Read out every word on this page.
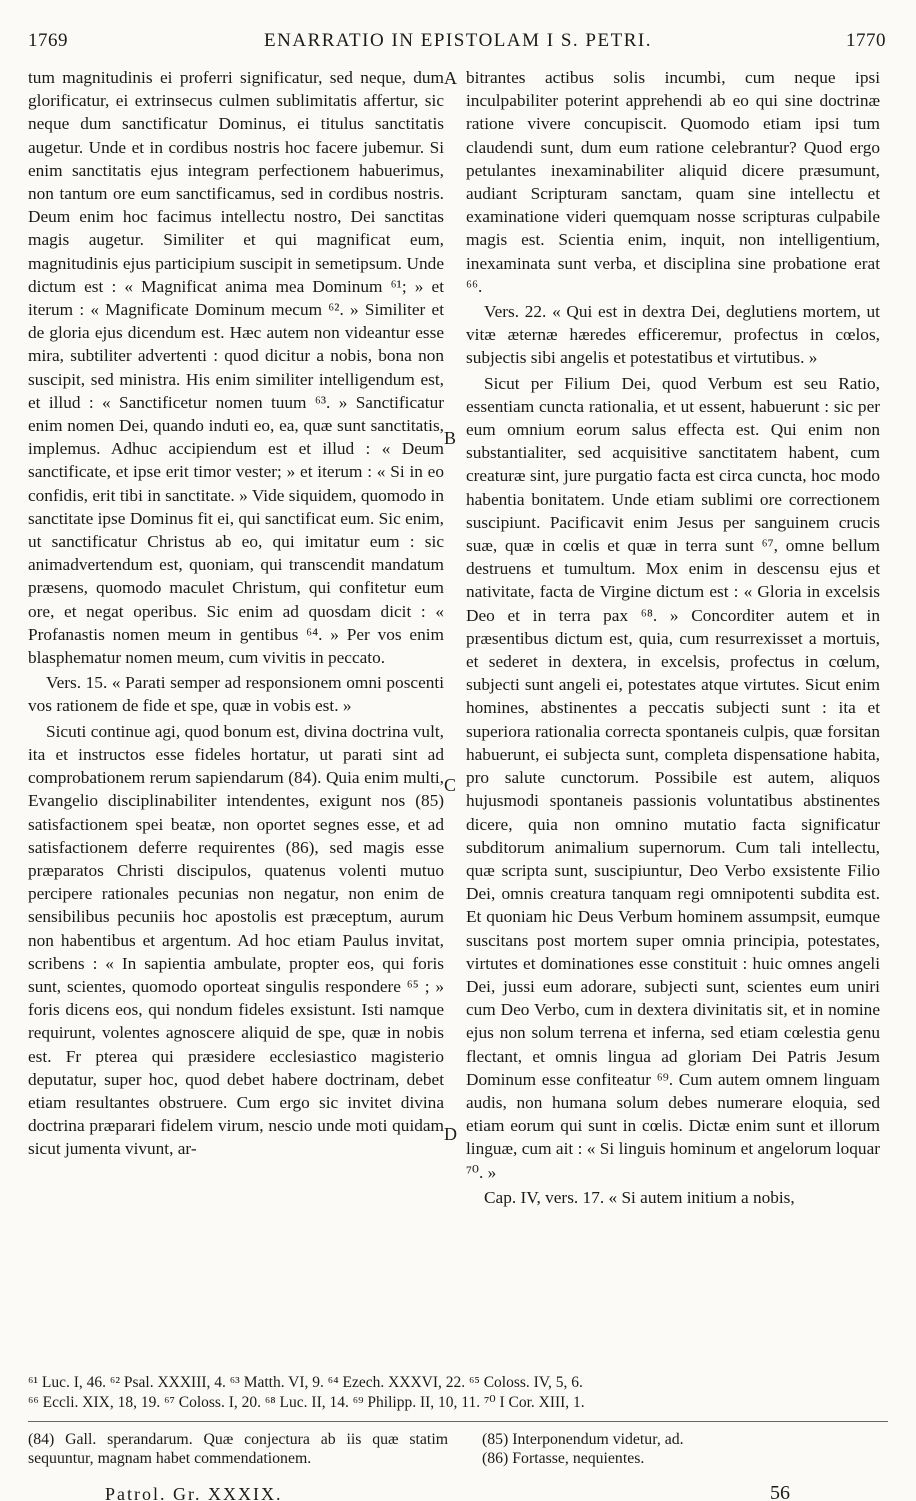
ENARRATIO IN EPISTOLAM I S. PETRI.
1769	1770

tum magnitudinis ei proferri significatur, sed neque, dum glorificatur, ei extrinsecus culmen sublimitatis affertur, sic neque dum sanctificatur Dominus, ei titulus sanctitatis augetur. Unde et in cordibus nostris hoc facere jubemur. Si enim sanctitatis ejus integram perfectionem habuerimus, non tantum ore eum sanctificamus, sed in cordibus nostris. Deum enim hoc facimus intellectu nostro, Dei sanctitas magis augetur. Similiter et qui magnificat eum, magnitudinis ejus participium suscipit in semetipsum. Unde dictum est : « Magnificat anima mea Dominum ⁶¹; » et iterum : « Magnificate Dominum mecum ⁶². » Similiter et de gloria ejus dicendum est. Hæc autem non videantur esse mira, subtiliter advertenti : quod dicitur a nobis, bona non suscipit, sed ministra. His enim similiter intelligendum est, et illud : « Sanctificetur nomen tuum ⁶³. » Sanctificatur enim nomen Dei, quando induti eo, ea, quæ sunt sanctitatis, implemus. Adhuc accipiendum est et illud : « Deum sanctificate, et ipse erit timor vester; » et iterum : « Si in eo confidis, erit tibi in sanctitate. » Vide siquidem, quomodo in sanctitate ipse Dominus fit ei, qui sanctificat eum. Sic enim, ut sanctificatur Christus ab eo, qui imitatur eum : sic animadvertendum est, quoniam, qui transcendit mandatum præsens, quomodo maculet Christum, qui confitetur eum ore, et negat operibus. Sic enim ad quosdam dicit : « Profanastis nomen meum in gentibus ⁶⁴. » Per vos enim blasphematur nomen meum, cum vivitis in peccato.

Vers. 15. « Parati semper ad responsionem omni poscenti vos rationem de fide et spe, quæ in vobis est. »

Sicuti continue agi, quod bonum est, divina doctrina vult, ita et instructos esse fideles hortatur, ut parati sint ad comprobationem rerum sapiendarum (84). Quia enim multi, Evangelio disciplinabiliter intendentes, exigunt nos (85) satisfactionem spei beatæ, non oportet segnes esse, et ad satisfactionem deferre requirentes (86), sed magis esse præparatos Christi discipulos, quatenus volenti mutuo percipere rationales pecunias non negatur, non enim de sensibilibus pecuniis hoc apostolis est præceptum, aurum non habentibus et argentum. Ad hoc etiam Paulus invitat, scribens : « In sapientia ambulate, propter eos, qui foris sunt, scientes, quomodo oporteat singulis respondere ⁶⁵ ; » foris dicens eos, qui nondum fideles exsistunt. Isti namque requirunt, volentes agnoscere aliquid de spe, quæ in nobis est. Fr pterea qui præsidere ecclesiastico magisterio deputatur, super hoc, quod debet habere doctrinam, debet etiam resultantes obstruere. Cum ergo sic invitet divina doctrina præparari fidelem virum, nescio unde moti quidam sicut jumenta vivunt, ar-

bitrantes actibus solis incumbi, cum neque ipsi inculpabiliter poterint apprehendi ab eo qui sine doctrinæ ratione vivere concupiscit. Quomodo etiam ipsi tum claudendi sunt, dum eum ratione celebrantur? Quod ergo petulantes inexaminabiliter aliquid dicere præsumunt, audiant Scripturam sanctam, quam sine intellectu et examinatione videri quemquam nosse scripturas culpabile magis est. Scientia enim, inquit, non intelligentium, inexaminata sunt verba, et disciplina sine probatione erat ⁶⁶.

Vers. 22. « Qui est in dextra Dei, deglutiens mortem, ut vitæ æternæ hæredes efficeremur, profectus in cœlos, subjectis sibi angelis et potestatibus et virtutibus. »

Sicut per Filium Dei, quod Verbum est seu Ratio, essentiam cuncta rationalia, et ut essent, habuerunt : sic per eum omnium eorum salus effecta est. Qui enim non substantialiter, sed acquisitive sanctitatem habent, cum creaturæ sint, jure purgatio facta est circa cuncta, hoc modo habentia bonitatem. Unde etiam sublimi ore correctionem suscipiunt. Pacificavit enim Jesus per sanguinem crucis suæ, quæ in cœlis et quæ in terra sunt ⁶⁷, omne bellum destruens et tumultum. Mox enim in descensu ejus et nativitate, facta de Virgine dictum est : « Gloria in excelsis Deo et in terra pax ⁶⁸. » Concorditer autem et in præsentibus dictum est, quia, cum resurrexisset a mortuis, et sederet in dextera, in excelsis, profectus in cœlum, subjecti sunt angeli ei, potestates atque virtutes. Sicut enim homines, abstinentes a peccatis subjecti sunt : ita et superiora rationalia correcta spontaneis culpis, quæ forsitan habuerunt, ei subjecta sunt, completa dispensatione habita, pro salute cunctorum. Possibile est autem, aliquos hujusmodi spontaneis passionis voluntatibus abstinentes dicere, quia non omnino mutatio facta significatur subditorum animalium supernorum. Cum tali intellectu, quæ scripta sunt, suscipiuntur, Deo Verbo exsistente Filio Dei, omnis creatura tanquam regi omnipotenti subdita est. Et quoniam hic Deus Verbum hominem assumpsit, eumque suscitans post mortem super omnia principia, potestates, virtutes et dominationes esse constituit : huic omnes angeli Dei, jussi eum adorare, subjecti sunt, scientes eum uniri cum Deo Verbo, cum in dextera divinitatis sit, et in nomine ejus non solum terrena et inferna, sed etiam cœlestia genu flectant, et omnis lingua ad gloriam Dei Patris Jesum Dominum esse confiteatur ⁶⁹. Cum autem omnem linguam audis, non humana solum debes numerare eloquia, sed etiam eorum qui sunt in cœlis. Dictæ enim sunt et illorum linguæ, cum ait : « Si linguis hominum et angelorum loquar ⁷⁰. »

Cap. IV, vers. 17. « Si autem initium a nobis,

A
B
C
D
⁶¹ Luc. I, 46. ⁶² Psal. XXXIII, 4. ⁶³ Matth. VI, 9. ⁶⁴ Ezech. XXXVI, 22. ⁶⁵ Coloss. IV, 5, 6.
⁶⁶ Eccli. XIX, 18, 19. ⁶⁷ Coloss. I, 20. ⁶⁸ Luc. II, 14. ⁶⁹ Philipp. II, 10, 11. ⁷⁰ I Cor. XIII, 1.
(84) Gall. sperandarum. Quæ conjectura ab iis quæ statim sequuntur, magnam habet commendationem.
(85) Interponendum videtur, ad.
(86) Fortasse, nequientes.
Patrol. Gr. XXXIX.	56
